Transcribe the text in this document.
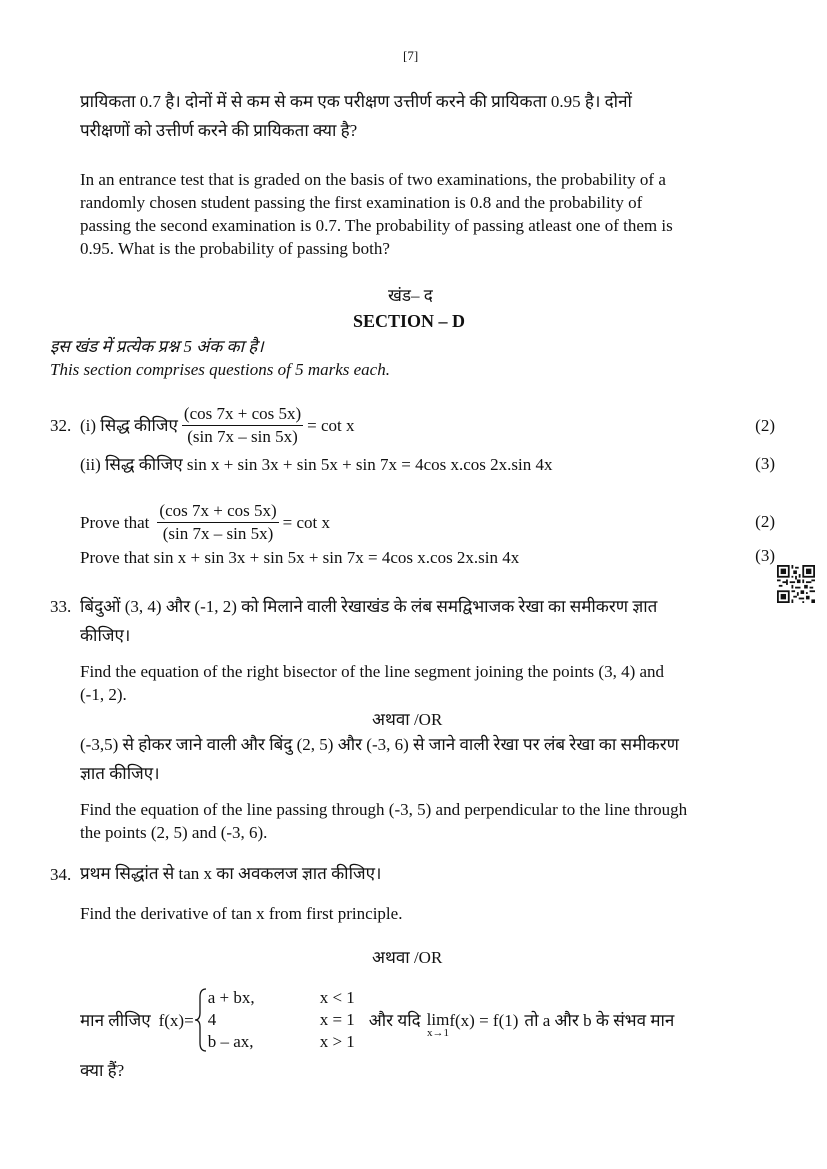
[7]
प्रायिकता 0.7 है। दोनों में से कम से कम एक परीक्षण उत्तीर्ण करने की प्रायिकता 0.95 है। दोनों
परीक्षणों को उत्तीर्ण करने की प्रायिकता क्या है?
In an entrance test that is graded on the basis of two examinations, the probability of a
randomly chosen student passing the first examination is 0.8 and the probability of
passing the second examination is 0.7. The probability of passing atleast one of them is
0.95. What is the probability of passing both?
खंड– द
SECTION – D
इस खंड में प्रत्येक प्रश्न 5 अंक का है।
This section comprises questions of 5 marks each.
32. (i) सिद्ध कीजिए $\frac{(\cos 7x + \cos 5x)}{(\sin 7x - \sin 5x)} = \cot x$	(2)
(ii) सिद्ध कीजिए sin x + sin 3x + sin 5x + sin 7x = 4cos x.cos 2x.sin 4x	(3)
Prove that $\frac{(\cos 7x + \cos 5x)}{(\sin 7x - \sin 5x)} = \cot x$	(2)
Prove that sin x + sin 3x + sin 5x + sin 7x = 4cos x.cos 2x.sin 4x	(3)
33. बिंदुओं (3, 4) और (-1, 2) को मिलाने वाली रेखाखंड के लंब समद्विभाजक रेखा का समीकरण ज्ञात
कीजिए।
Find the equation of the right bisector of the line segment joining the points (3, 4) and
(-1, 2).
अथवा /OR
(-3,5) से होकर जाने वाली और बिंदु (2, 5) और (-3, 6) से जाने वाली रेखा पर लंब रेखा का समीकरण
ज्ञात कीजिए।
Find the equation of the line passing through (-3, 5) and perpendicular to the line through
the points (2, 5) and (-3, 6).
34. प्रथम सिद्धांत से tan x का अवकलज ज्ञात कीजिए।
Find the derivative of tan x from first principle.
अथवा /OR
मान लीजिए f(x)=
a + bx,	x < 1
4	x = 1
b – ax,	x > 1
और यदि lim
x→1
f(x) = f(1) तो a और b के संभव मान
क्या हैं?
